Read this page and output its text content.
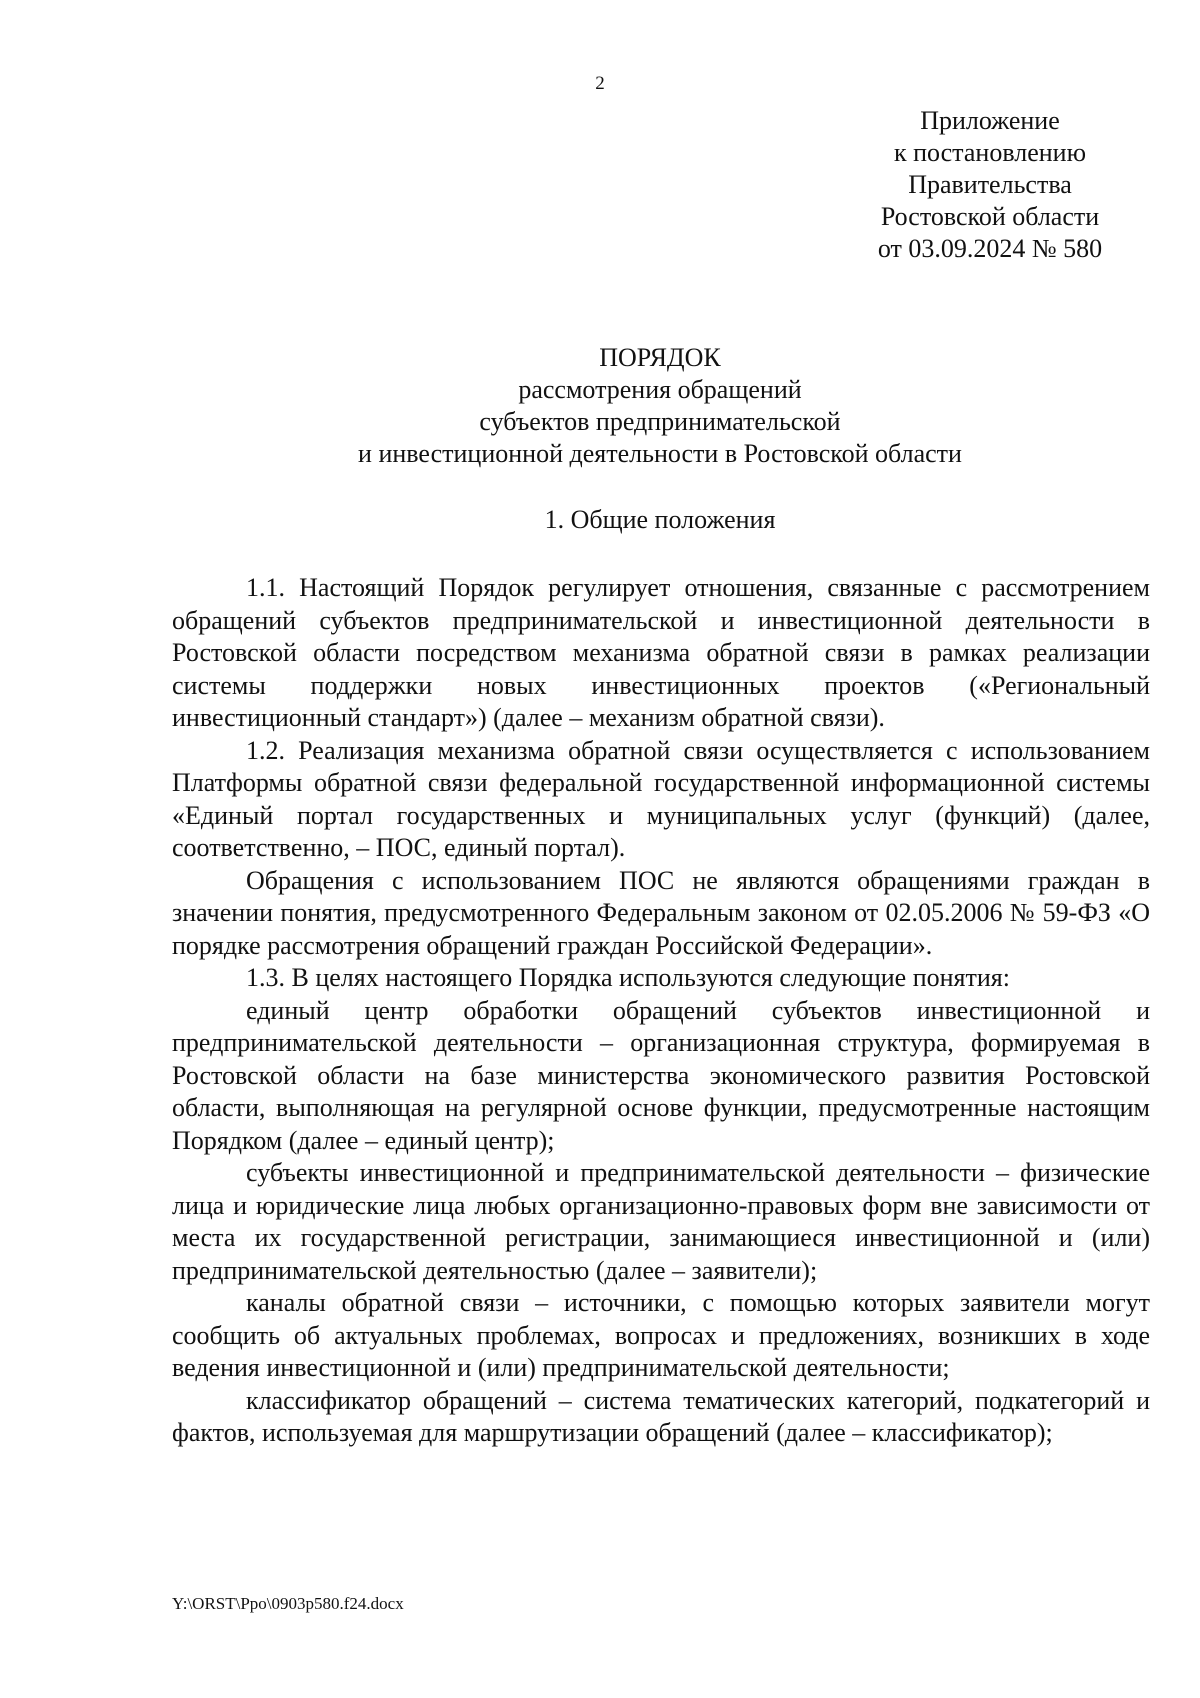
2
Приложение
к постановлению
Правительства
Ростовской области
от 03.09.2024 № 580
ПОРЯДОК
рассмотрения обращений
субъектов предпринимательской
и инвестиционной деятельности в Ростовской области
1. Общие положения

1.1. Настоящий Порядок регулирует отношения, связанные с рассмотрением обращений субъектов предпринимательской и инвестиционной деятельности в Ростовской области посредством механизма обратной связи в рамках реализации системы поддержки новых инвестиционных проектов («Региональный инвестиционный стандарт») (далее – механизм обратной связи).

1.2. Реализация механизма обратной связи осуществляется с использованием Платформы обратной связи федеральной государственной информационной системы «Единый портал государственных и муниципальных услуг (функций) (далее, соответственно, – ПОС, единый портал).

Обращения с использованием ПОС не являются обращениями граждан в значении понятия, предусмотренного Федеральным законом от 02.05.2006 № 59-ФЗ «О порядке рассмотрения обращений граждан Российской Федерации».

1.3. В целях настоящего Порядка используются следующие понятия:

единый центр обработки обращений субъектов инвестиционной и предпринимательской деятельности – организационная структура, формируемая в Ростовской области на базе министерства экономического развития Ростовской области, выполняющая на регулярной основе функции, предусмотренные настоящим Порядком (далее – единый центр);

субъекты инвестиционной и предпринимательской деятельности – физические лица и юридические лица любых организационно-правовых форм вне зависимости от места их государственной регистрации, занимающиеся инвестиционной и (или) предпринимательской деятельностью (далее – заявители);

каналы обратной связи – источники, с помощью которых заявители могут сообщить об актуальных проблемах, вопросах и предложениях, возникших в ходе ведения инвестиционной и (или) предпринимательской деятельности;

классификатор обращений – система тематических категорий, подкатегорий и фактов, используемая для маршрутизации обращений (далее – классификатор);

Y:\ORST\Ppo\0903p580.f24.docx
